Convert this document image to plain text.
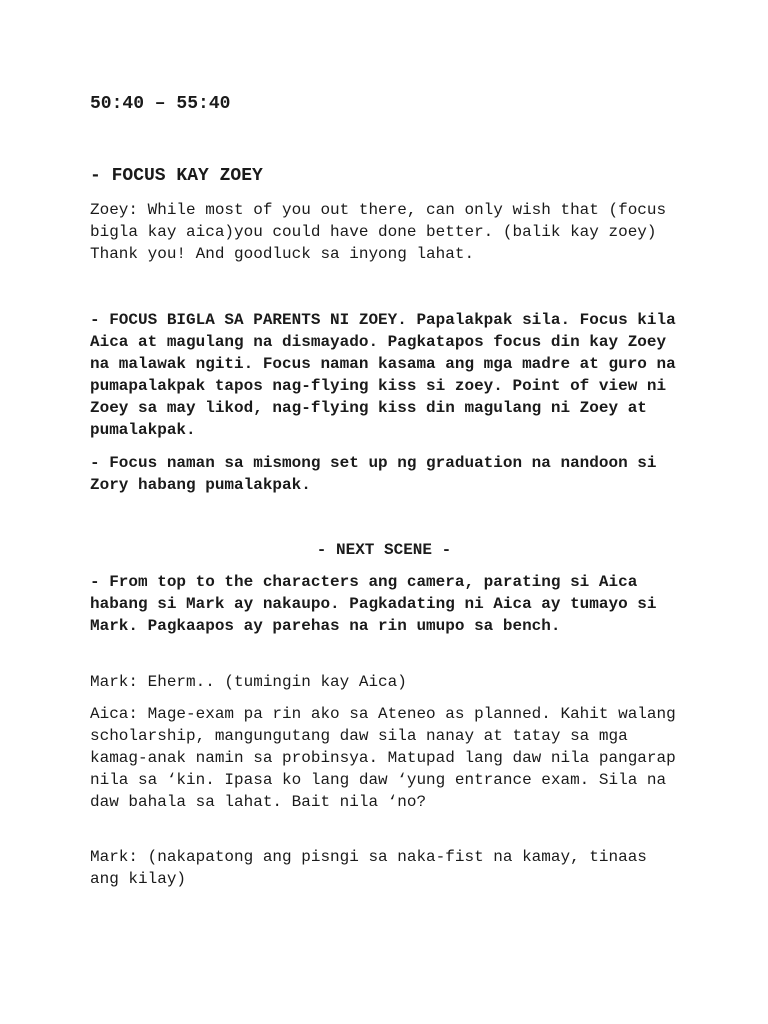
50:40 – 55:40
- FOCUS KAY ZOEY
Zoey: While most of you out there, can only wish that (focus bigla kay aica)you could have done better. (balik kay zoey) Thank you! And goodluck sa inyong lahat.
- FOCUS BIGLA SA PARENTS NI ZOEY. Papalakpak sila. Focus kila Aica at magulang na dismayado. Pagkatapos focus din kay Zoey na malawak ngiti. Focus naman kasama ang mga madre at guro na pumapalakpak tapos nag-flying kiss si zoey. Point of view ni Zoey sa may likod, nag-flying kiss din magulang ni Zoey at pumalakpak.
- Focus naman sa mismong set up ng graduation na nandoon si Zory habang pumalakpak.
- NEXT SCENE -
- From top to the characters ang camera, parating si Aica habang si Mark ay nakaupo. Pagkadating ni Aica ay tumayo si Mark. Pagkaapos ay parehas na rin umupo sa bench.
Mark: Eherm.. (tumingin kay Aica)
Aica: Mage-exam pa rin ako sa Ateneo as planned. Kahit walang scholarship, mangungutang daw sila nanay at tatay sa mga kamag-anak namin sa probinsya. Matupad lang daw nila pangarap nila sa ‘kin. Ipasa ko lang daw ‘yung entrance exam. Sila na daw bahala sa lahat. Bait nila ‘no?
Mark: (nakapatong ang pisngi sa naka-fist na kamay, tinaas ang kilay)
